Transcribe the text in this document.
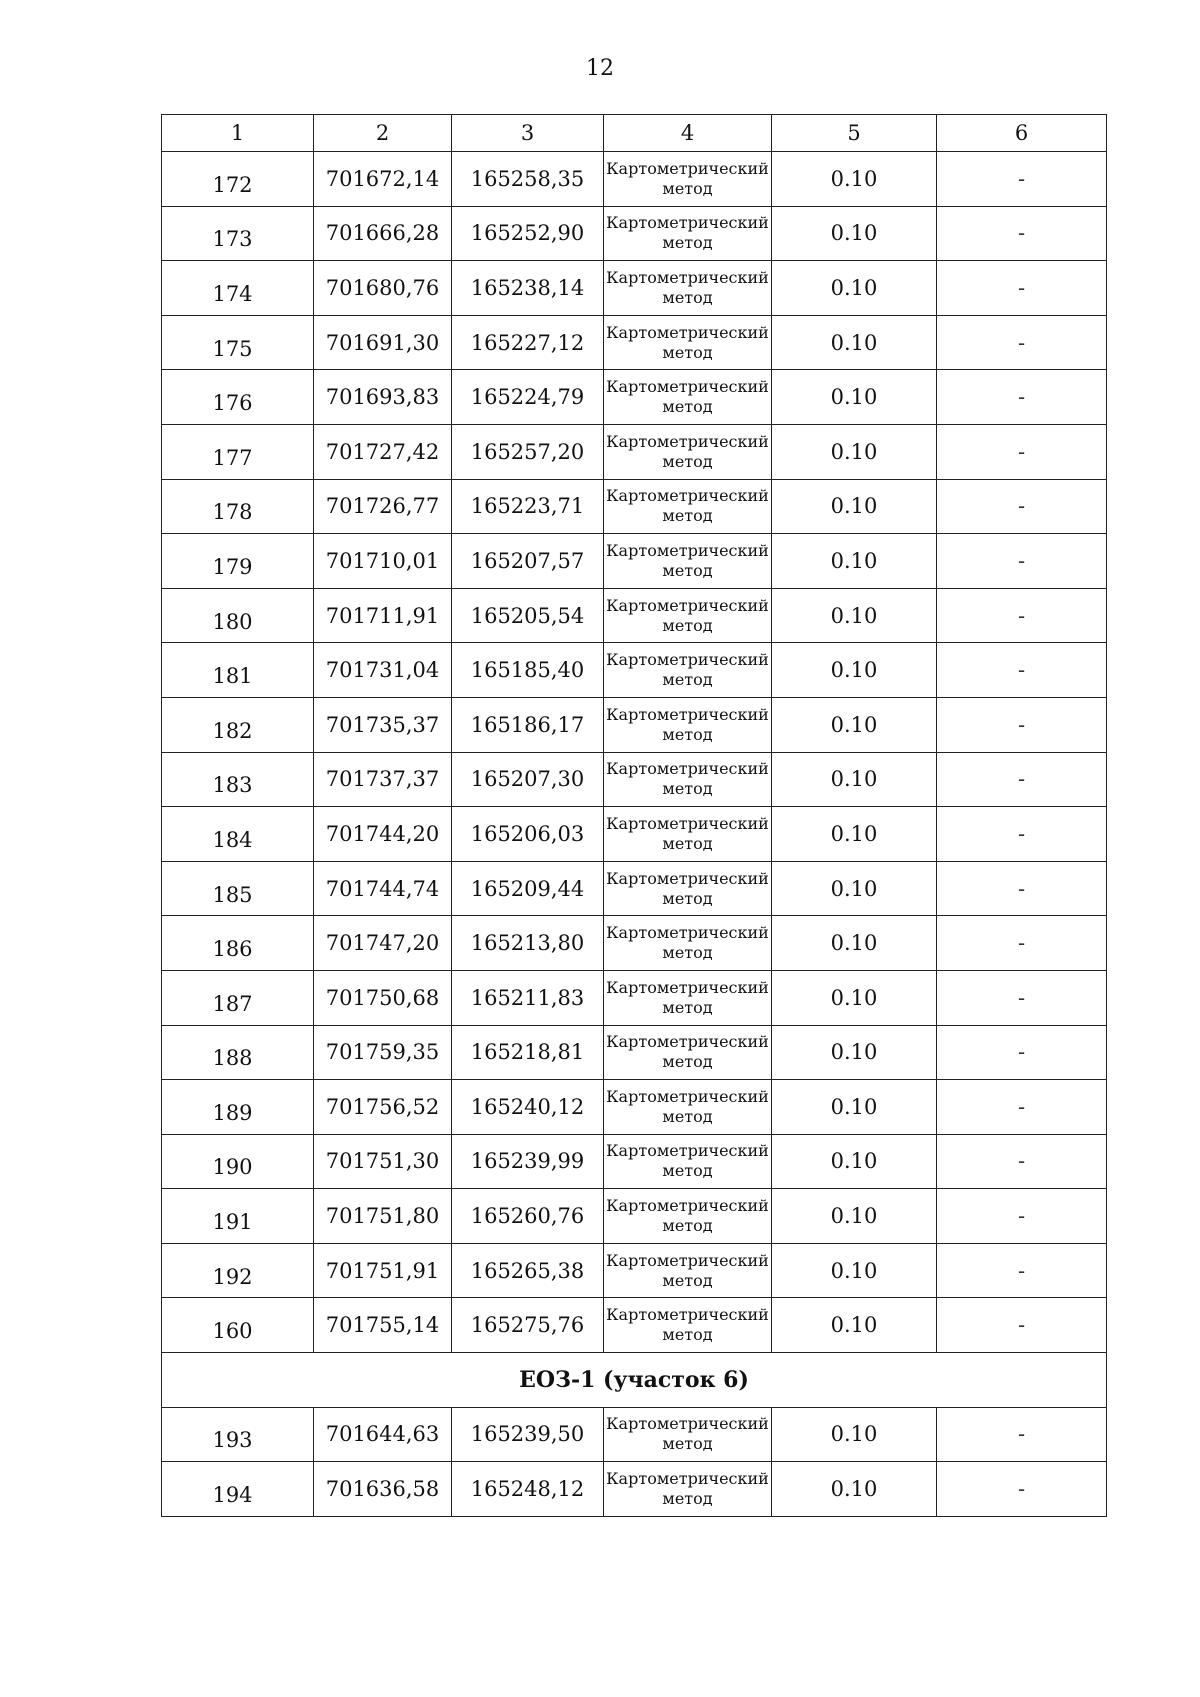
12
1	2	3	4	5	6

172	701672,14	165258,35	Картометрический
метод	0.10	-

173	701666,28	165252,90	Картометрический
метод	0.10	-

174	701680,76	165238,14	Картометрический
метод	0.10	-

175	701691,30	165227,12	Картометрический
метод	0.10	-

176	701693,83	165224,79	Картометрический
метод	0.10	-

177	701727,42	165257,20	Картометрический
метод	0.10	-

178	701726,77	165223,71	Картометрический
метод	0.10	-

179	701710,01	165207,57	Картометрический
метод	0.10	-

180	701711,91	165205,54	Картометрический
метод	0.10	-

181	701731,04	165185,40	Картометрический
метод	0.10	-

182	701735,37	165186,17	Картометрический
метод	0.10	-

183	701737,37	165207,30	Картометрический
метод	0.10	-

184	701744,20	165206,03	Картометрический
метод	0.10	-

185	701744,74	165209,44	Картометрический
метод	0.10	-

186	701747,20	165213,80	Картометрический
метод	0.10	-

187	701750,68	165211,83	Картометрический
метод	0.10	-

188	701759,35	165218,81	Картометрический
метод	0.10	-

189	701756,52	165240,12	Картометрический
метод	0.10	-

190	701751,30	165239,99	Картометрический
метод	0.10	-

191	701751,80	165260,76	Картометрический
метод	0.10	-

192	701751,91	165265,38	Картометрический
метод	0.10	-

160	701755,14	165275,76	Картометрический
метод	0.10	-
ЕОЗ-1 (участок 6)					

193	701644,63	165239,50	Картометрический
метод	0.10	-

194	701636,58	165248,12	Картометрический
метод	0.10	-
